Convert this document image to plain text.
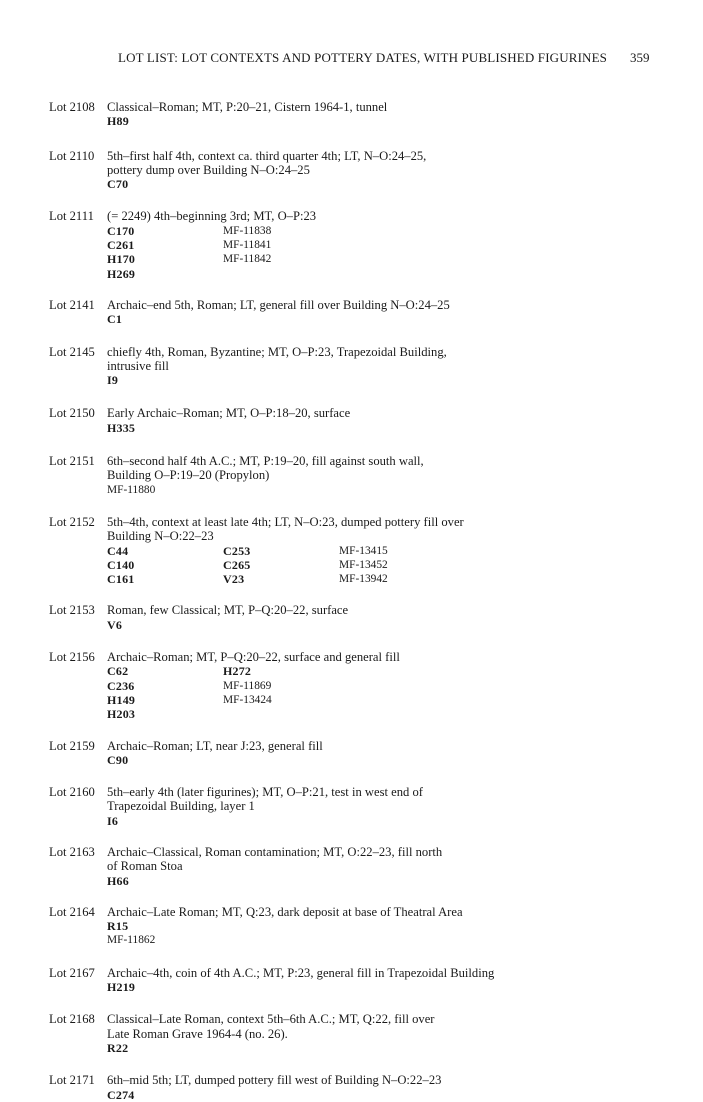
LOT LIST: LOT CONTEXTS AND POTTERY DATES, WITH PUBLISHED FIGURINES 359
Lot 2108 Classical–Roman; MT, P:20–21, Cistern 1964-1, tunnel
H89
Lot 2110 5th–first half 4th, context ca. third quarter 4th; LT, N–O:24–25,
pottery dump over Building N–O:24–25
C70
Lot 2111 (= 2249) 4th–beginning 3rd; MT, O–P:23
C170	MF-11838
C261	MF-11841
H170	MF-11842
H269
Lot 2141 Archaic–end 5th, Roman; LT, general fill over Building N–O:24–25
C1
Lot 2145 chiefly 4th, Roman, Byzantine; MT, O–P:23, Trapezoidal Building,
intrusive fill
I9
Lot 2150 Early Archaic–Roman; MT, O–P:18–20, surface
H335
Lot 2151 6th–second half 4th A.C.; MT, P:19–20, fill against south wall,
Building O–P:19–20 (Propylon)
MF-11880
Lot 2152 5th–4th, context at least late 4th; LT, N–O:23, dumped pottery fill over
Building N–O:22–23
C44	C253	MF-13415
C140	C265	MF-13452
C161	V23	MF-13942
Lot 2153 Roman, few Classical; MT, P–Q:20–22, surface
V6
Lot 2156 Archaic–Roman; MT, P–Q:20–22, surface and general fill
C62	H272
C236	MF-11869
H149	MF-13424
H203
Lot 2159 Archaic–Roman; LT, near J:23, general fill
C90
Lot 2160 5th–early 4th (later figurines); MT, O–P:21, test in west end of
Trapezoidal Building, layer 1
I6
Lot 2163 Archaic–Classical, Roman contamination; MT, O:22–23, fill north
of Roman Stoa
H66
Lot 2164 Archaic–Late Roman; MT, Q:23, dark deposit at base of Theatral Area
R15
MF-11862
Lot 2167 Archaic–4th, coin of 4th A.C.; MT, P:23, general fill in Trapezoidal Building
H219
Lot 2168 Classical–Late Roman, context 5th–6th A.C.; MT, Q:22, fill over
Late Roman Grave 1964-4 (no. 26).
R22
Lot 2171 6th–mid 5th; LT, dumped pottery fill west of Building N–O:22–23
C274
